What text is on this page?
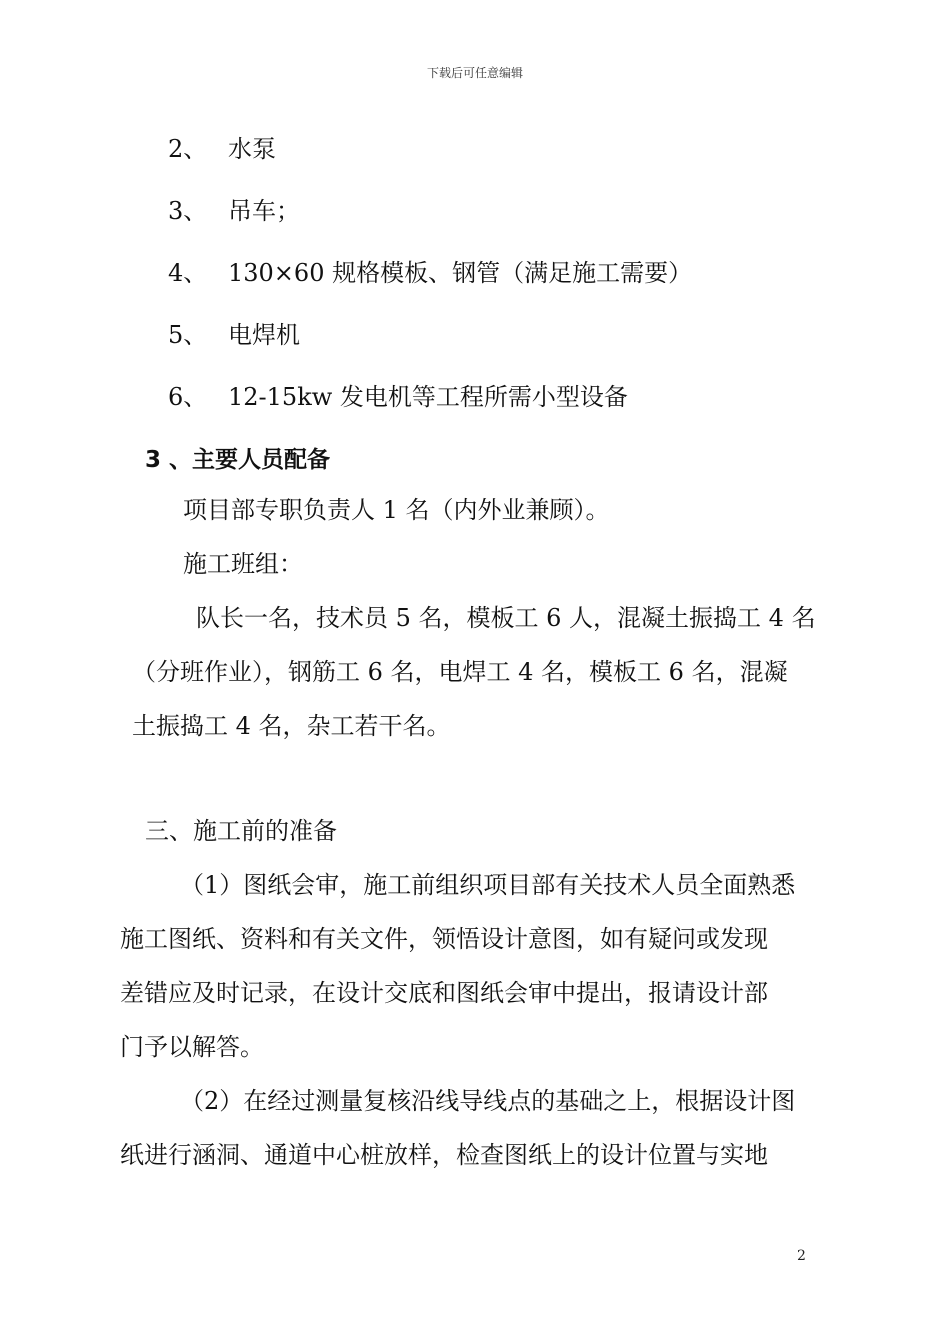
下载后可任意编辑
2、 水泵
3、 吊车；
4、 130×60 规格模板、钢管（满足施工需要）
5、 电焊机
6、 12-15kw 发电机等工程所需小型设备
3 、主要人员配备
项目部专职负责人 1 名（内外业兼顾）。
施工班组：
队长一名，技术员 5 名，模板工 6 人，混凝土振捣工 4 名
（分班作业），钢筋工 6 名，电焊工 4 名，模板工 6 名，混凝
土振捣工 4 名，杂工若干名。
三、施工前的准备
（1）图纸会审，施工前组织项目部有关技术人员全面熟悉
施工图纸、资料和有关文件，领悟设计意图，如有疑问或发现
差错应及时记录，在设计交底和图纸会审中提出，报请设计部
门予以解答。
（2）在经过测量复核沿线导线点的基础之上，根据设计图
纸进行涵洞、通道中心桩放样，检查图纸上的设计位置与实地
2
